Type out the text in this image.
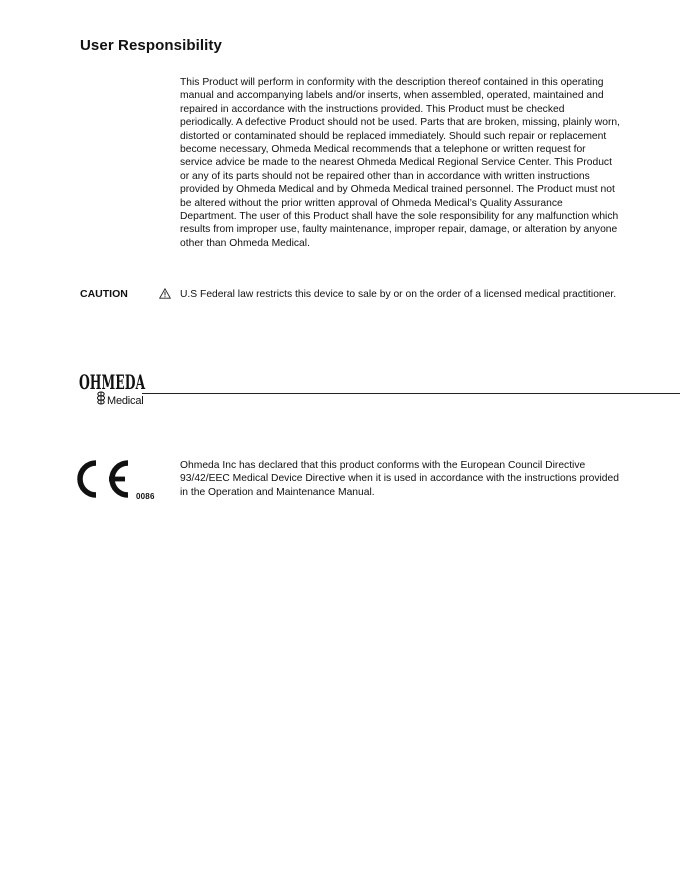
User Responsibility

This Product will perform in conformity with the description thereof contained in this operating manual and accompanying labels and/or inserts, when assembled, operated, maintained and repaired in accordance with the instructions provided. This Product must be checked periodically. A defective Product should not be used. Parts that are broken, missing, plainly worn, distorted or contaminated should be replaced immediately. Should such repair or replacement become necessary, Ohmeda Medical recommends that a telephone or written request for service advice be made to the nearest Ohmeda Medical Regional Service Center. This Product or any of its parts should not be repaired other than in accordance with written instructions provided by Ohmeda Medical and by Ohmeda Medical trained personnel. The Product must not be altered without the prior written approval of Ohmeda Medical’s Quality Assurance Department. The user of this Product shall have the sole responsibility for any malfunction which results from improper use, faulty maintenance, improper repair, damage, or alteration by anyone other than Ohmeda Medical.

CAUTION	U.S Federal law restricts this device to sale by or on the order of a licensed medical practitioner.

OHMEDA
Medical
0086

Ohmeda Inc has declared that this product conforms with the European Council Directive 93/42/EEC Medical Device Directive when it is used in accordance with the instructions provided in the Operation and Maintenance Manual.
